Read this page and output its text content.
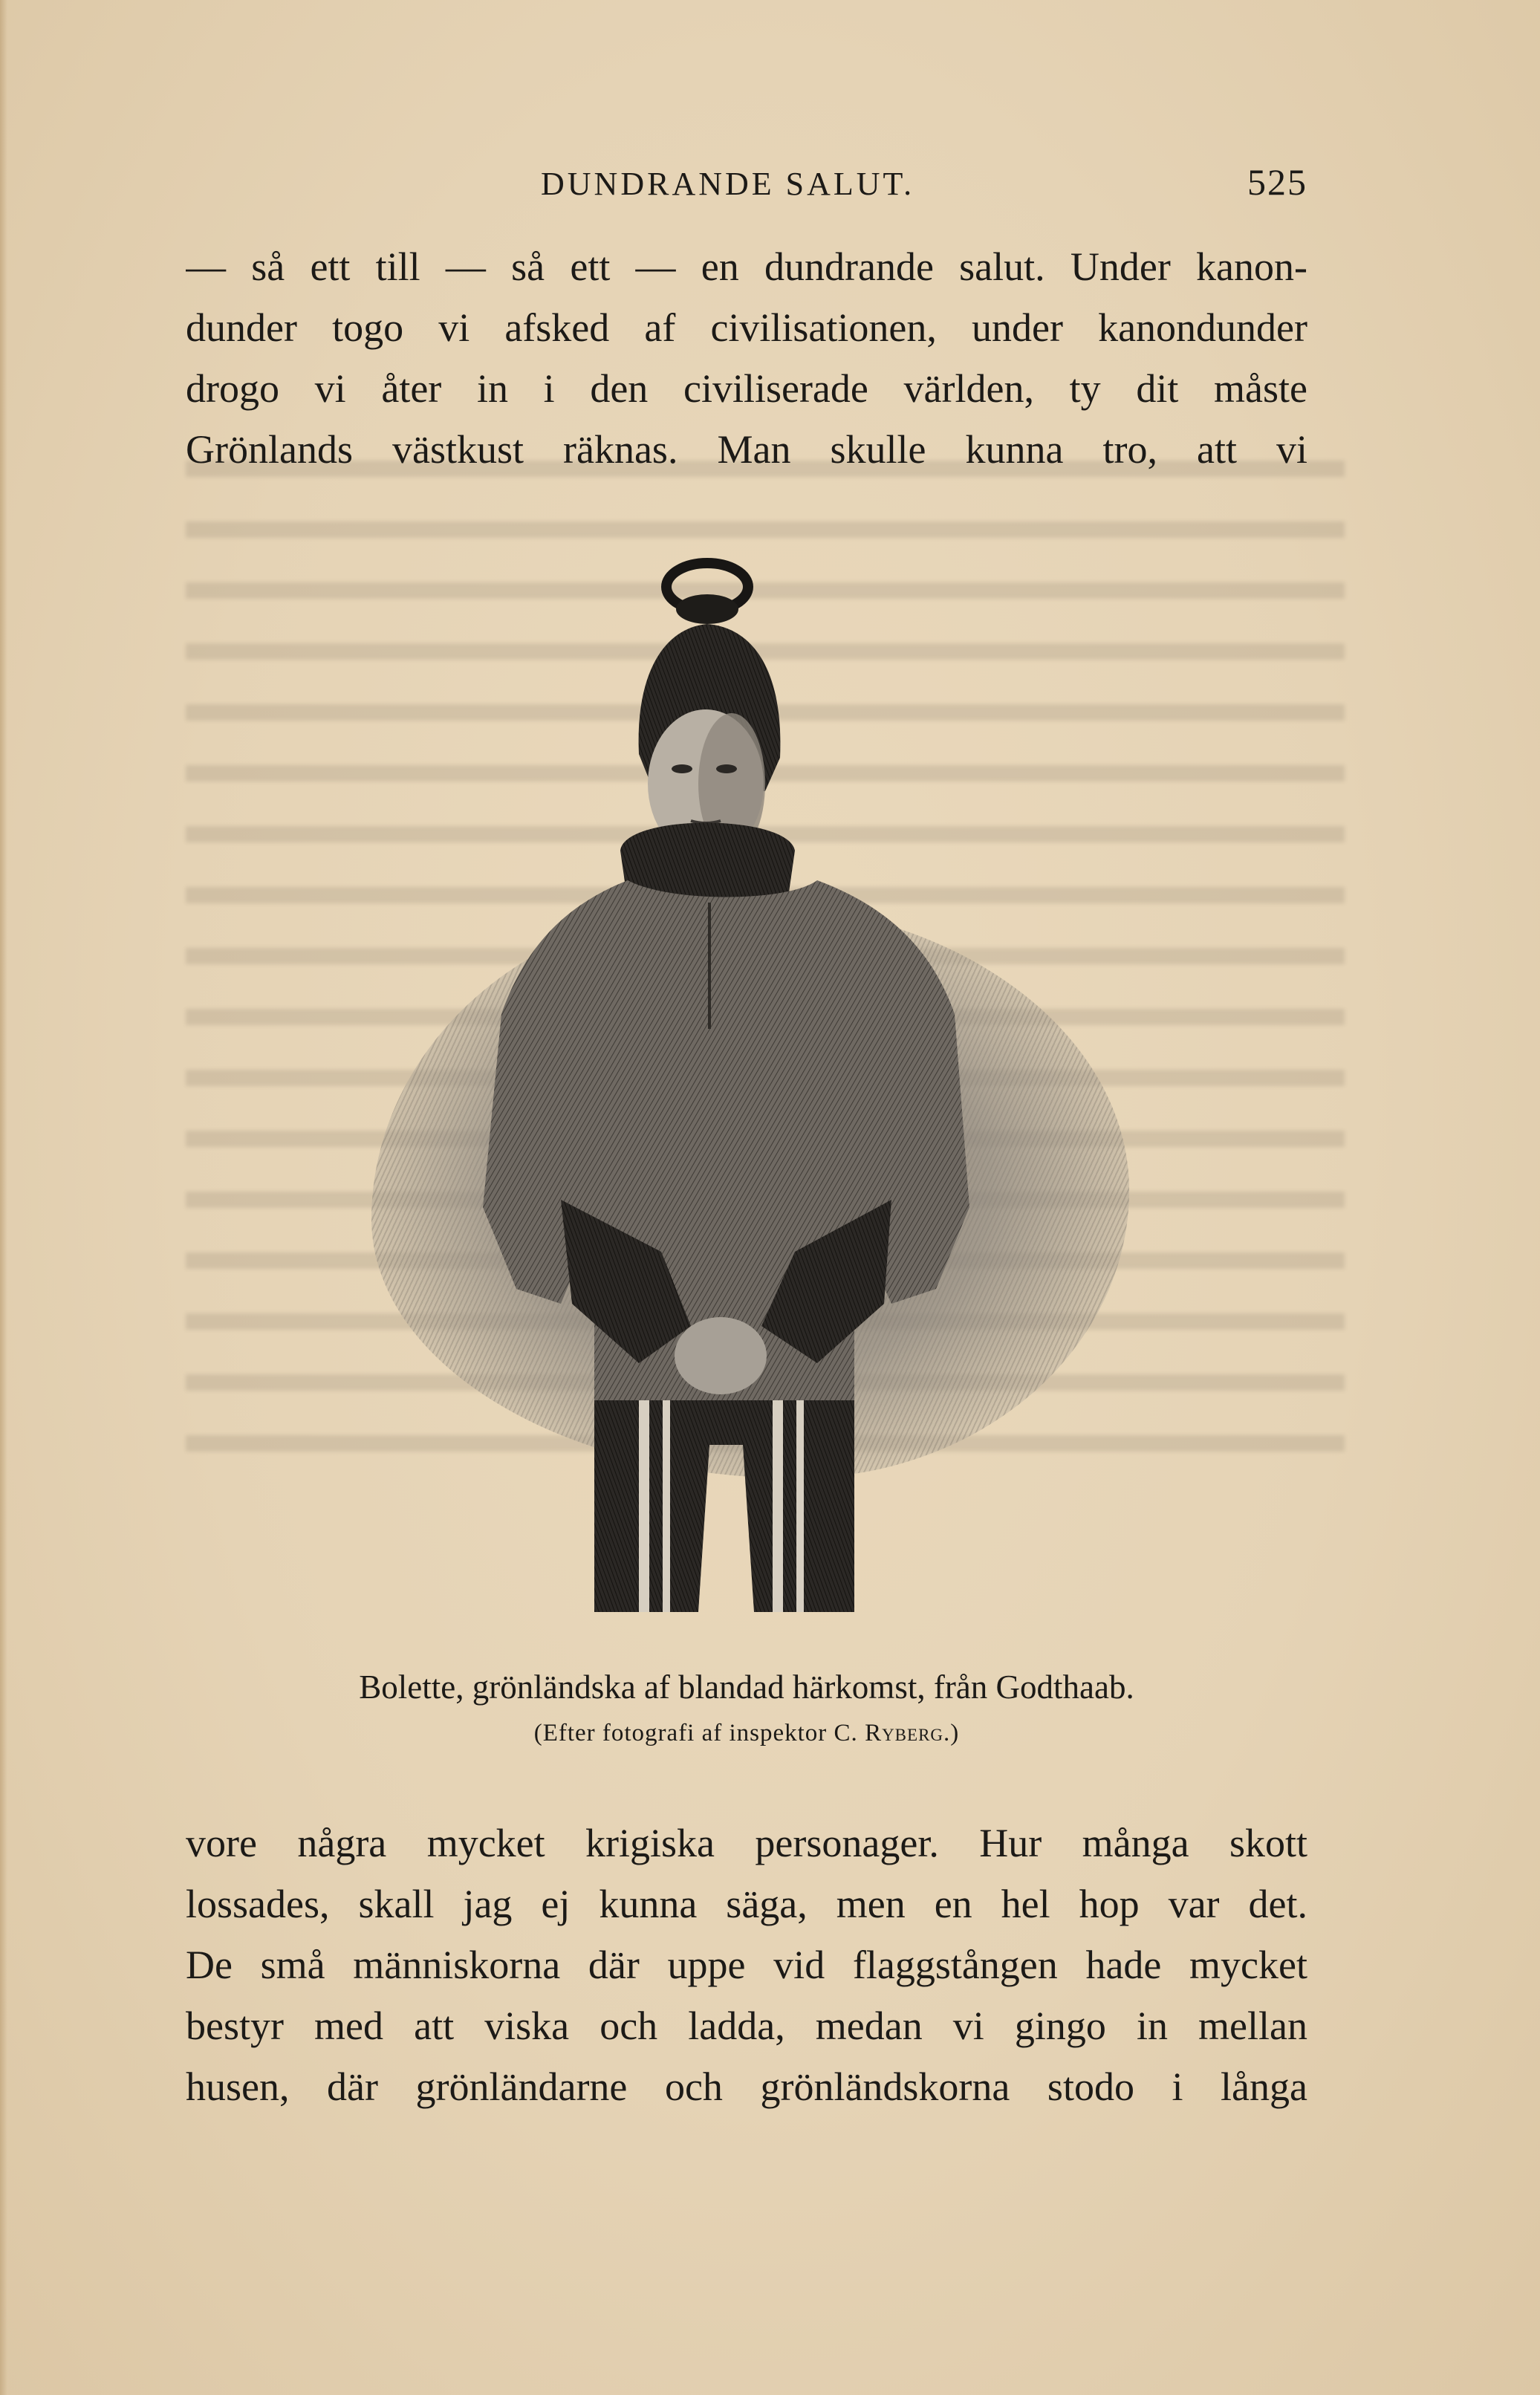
DUNDRANDE SALUT.	525
— så ett till — så ett — en dundrande salut. Under kanon-
dunder togo vi afsked af civilisationen, under kanondunder
drogo vi åter in i den civiliserade världen, ty dit måste
Grönlands västkust räknas. Man skulle kunna tro, att vi
Bolette, grönländska af blandad härkomst, från Godthaab.
(Efter fotografi af inspektor C. Ryberg.)
vore några mycket krigiska personager. Hur många skott
lossades, skall jag ej kunna säga, men en hel hop var det.
De små människorna där uppe vid flaggstången hade mycket
bestyr med att viska och ladda, medan vi gingo in mellan
husen, där grönländarne och grönländskorna stodo i långa
